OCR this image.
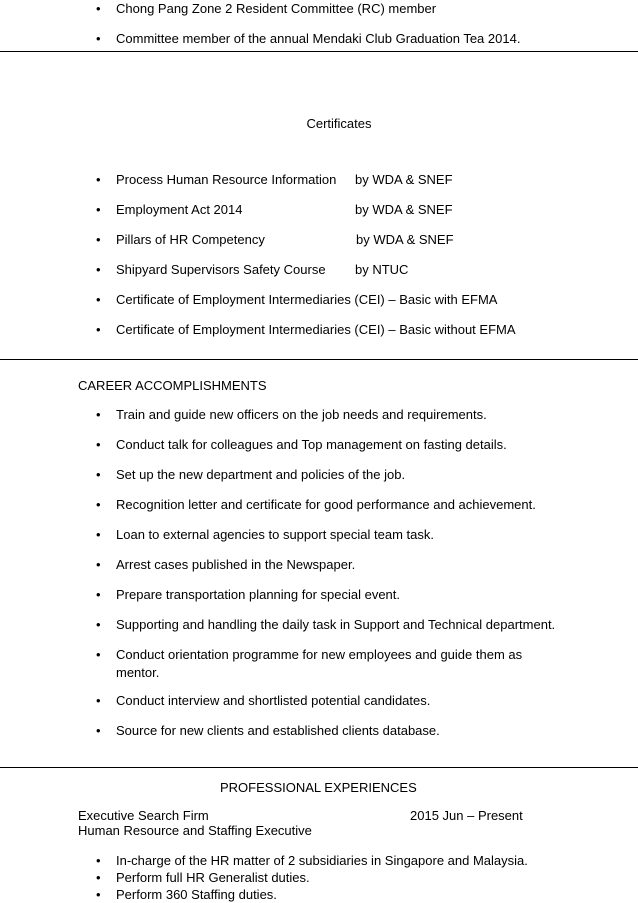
• Chong Pang Zone 2 Resident Committee (RC) member
• Committee member of the annual Mendaki Club Graduation Tea 2014.
Certificates
• Process Human Resource Information by WDA & SNEF
• Employment Act 2014	by WDA & SNEF
• Pillars of HR Competency	by WDA & SNEF
• Shipyard Supervisors Safety Course by NTUC
• Certificate of Employment Intermediaries (CEI) – Basic with EFMA
• Certificate of Employment Intermediaries (CEI) – Basic without EFMA
CAREER ACCOMPLISHMENTS
• Train and guide new officers on the job needs and requirements.
• Conduct talk for colleagues and Top management on fasting details.
• Set up the new department and policies of the job.
• Recognition letter and certificate for good performance and achievement.
• Loan to external agencies to support special team task.
• Arrest cases published in the Newspaper.
• Prepare transportation planning for special event.
• Supporting and handling the daily task in Support and Technical department.
• Conduct orientation programme for new employees and guide them as
mentor.
• Conduct interview and shortlisted potential candidates.
• Source for new clients and established clients database.
PROFESSIONAL EXPERIENCES
Executive Search Firm	2015 Jun – Present
Human Resource and Staffing Executive
• In-charge of the HR matter of 2 subsidiaries in Singapore and Malaysia.
• Perform full HR Generalist duties.
• Perform 360 Staffing duties.
